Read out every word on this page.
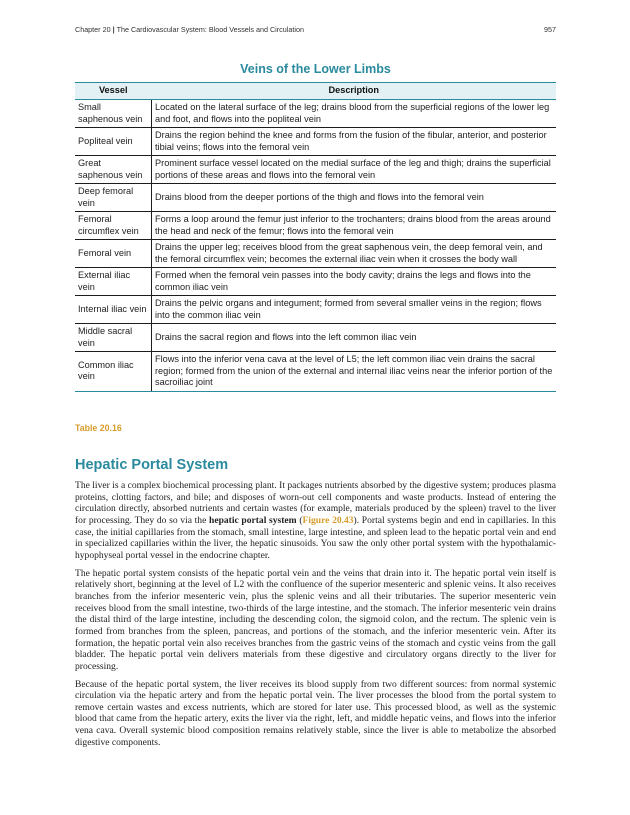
Chapter 20 | The Cardiovascular System: Blood Vessels and Circulation	957
Veins of the Lower Limbs
Vessel	Description
Small saphenous vein	Located on the lateral surface of the leg; drains blood from the superficial regions of the lower leg and foot, and flows into the popliteal vein
Popliteal vein	Drains the region behind the knee and forms from the fusion of the fibular, anterior, and posterior tibial veins; flows into the femoral vein
Great saphenous vein	Prominent surface vessel located on the medial surface of the leg and thigh; drains the superficial portions of these areas and flows into the femoral vein
Deep femoral vein	Drains blood from the deeper portions of the thigh and flows into the femoral vein
Femoral circumflex vein	Forms a loop around the femur just inferior to the trochanters; drains blood from the areas around the head and neck of the femur; flows into the femoral vein
Femoral vein	Drains the upper leg; receives blood from the great saphenous vein, the deep femoral vein, and the femoral circumflex vein; becomes the external iliac vein when it crosses the body wall
External iliac vein	Formed when the femoral vein passes into the body cavity; drains the legs and flows into the common iliac vein
Internal iliac vein	Drains the pelvic organs and integument; formed from several smaller veins in the region; flows into the common iliac vein
Middle sacral vein	Drains the sacral region and flows into the left common iliac vein
Common iliac vein	Flows into the inferior vena cava at the level of L5; the left common iliac vein drains the sacral region; formed from the union of the external and internal iliac veins near the inferior portion of the sacroiliac joint
Table 20.16
Hepatic Portal System

The liver is a complex biochemical processing plant. It packages nutrients absorbed by the digestive system; produces plasma proteins, clotting factors, and bile; and disposes of worn-out cell components and waste products. Instead of entering the circulation directly, absorbed nutrients and certain wastes (for example, materials produced by the spleen) travel to the liver for processing. They do so via the hepatic portal system (Figure 20.43). Portal systems begin and end in capillaries. In this case, the initial capillaries from the stomach, small intestine, large intestine, and spleen lead to the hepatic portal vein and end in specialized capillaries within the liver, the hepatic sinusoids. You saw the only other portal system with the hypothalamic-hypophyseal portal vessel in the endocrine chapter.

The hepatic portal system consists of the hepatic portal vein and the veins that drain into it. The hepatic portal vein itself is relatively short, beginning at the level of L2 with the confluence of the superior mesenteric and splenic veins. It also receives branches from the inferior mesenteric vein, plus the splenic veins and all their tributaries. The superior mesenteric vein receives blood from the small intestine, two-thirds of the large intestine, and the stomach. The inferior mesenteric vein drains the distal third of the large intestine, including the descending colon, the sigmoid colon, and the rectum. The splenic vein is formed from branches from the spleen, pancreas, and portions of the stomach, and the inferior mesenteric vein. After its formation, the hepatic portal vein also receives branches from the gastric veins of the stomach and cystic veins from the gall bladder. The hepatic portal vein delivers materials from these digestive and circulatory organs directly to the liver for processing.

Because of the hepatic portal system, the liver receives its blood supply from two different sources: from normal systemic circulation via the hepatic artery and from the hepatic portal vein. The liver processes the blood from the portal system to remove certain wastes and excess nutrients, which are stored for later use. This processed blood, as well as the systemic blood that came from the hepatic artery, exits the liver via the right, left, and middle hepatic veins, and flows into the inferior vena cava. Overall systemic blood composition remains relatively stable, since the liver is able to metabolize the absorbed digestive components.
